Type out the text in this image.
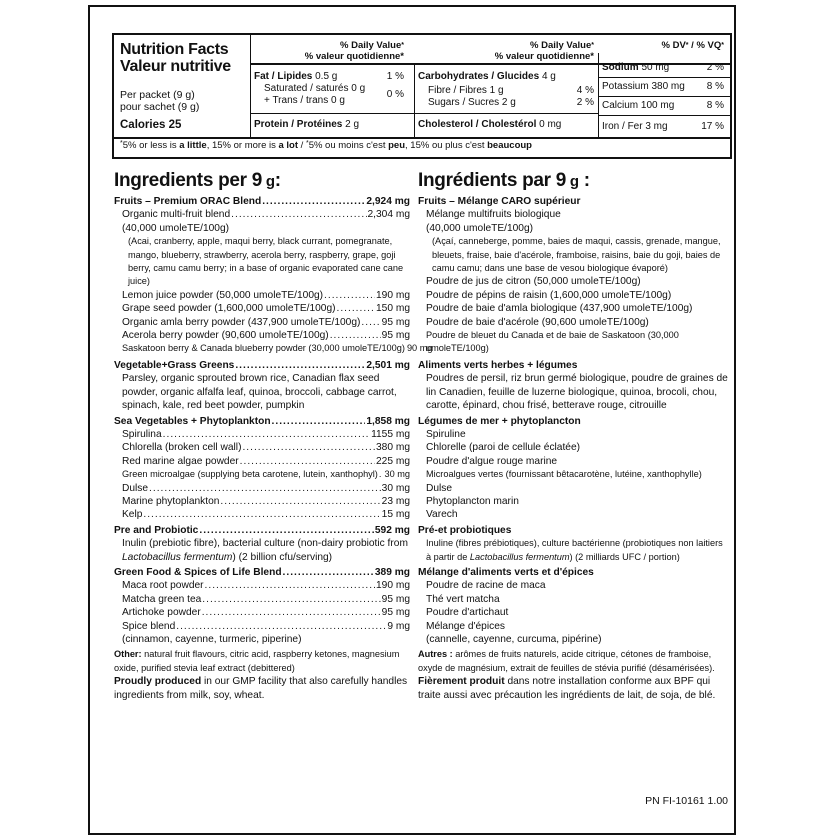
Nutrition Facts
Valeur nutritive
Per packet (9 g)
pour sachet (9 g)
Calories 25
% Daily Value*
% valeur quotidienne*
% Daily Value*
% valeur quotidienne*
% DV* / % VQ*
Fat / Lipides 0.5 g	1 %
Saturated / saturés 0 g
+ Trans / trans 0 g
0 %
Protein / Protéines 2 g
Carbohydrates / Glucides 4 g
Fibre / Fibres 1 g	4 %
Sugars / Sucres 2 g	2 %
Cholesterol / Cholestérol 0 mg
Sodium 50 mg	2 %
Potassium 380 mg	8 %
Calcium 100 mg	8 %
Iron / Fer 3 mg	17 %
*5% or less is a little, 15% or more is a lot / *5% ou moins c'est peu, 15% ou plus c'est beaucoup
Ingredients per 9 g:
Fruits – Premium ORAC Blend .....	2,924 mg
Organic multi-fruit blend .....	2,304 mg
(40,000 umoleTE/100g)
(Acai, cranberry, apple, maqui berry, black currant, pomegranate, mango, blueberry, strawberry, acerola berry, raspberry, grape, goji berry, camu camu berry; in a base of organic evaporated cane cane juice)
Lemon juice powder (50,000 umoleTE/100g) .....	190 mg
Grape seed powder (1,600,000 umoleTE/100g) .....	150 mg
Organic amla berry powder (437,900 umoleTE/100g) ..... 95 mg
Acerola berry powder (90,600 umoleTE/100g) .....	95 mg
Saskatoon berry & Canada blueberry powder (30,000 umoleTE/100g) 90 mg
Vegetable+Grass Greens .....	2,501 mg
Parsley, organic sprouted brown rice, Canadian flax seed powder, organic alfalfa leaf, quinoa, broccoli, cabbage carrot, spinach, kale, red beet powder, pumpkin
Sea Vegetables + Phytoplankton .....	1,858 mg
Spirulina .....	1155 mg
Chlorella (broken cell wall) .....	380 mg
Red marine algae powder .....	225 mg
Green microalgae (supplying beta carotene, lutein, xanthophyl) ..... 30 mg
Dulse .....	30 mg
Marine phytoplankton .....	23 mg
Kelp .....	15 mg
Pre and Probiotic .....	592 mg
Inulin (prebiotic fibre), bacterial culture (non-dairy probiotic from Lactobacillus fermentum) (2 billion cfu/serving)
Green Food & Spices of Life Blend .....	389 mg
Maca root powder .....	190 mg
Matcha green tea .....	95 mg
Artichoke powder .....	95 mg
Spice blend .....	9 mg
(cinnamon, cayenne, turmeric, piperine)
Other: natural fruit flavours, citric acid, raspberry ketones, magnesium oxide, purified stevia leaf extract (debittered)
Proudly produced in our GMP facility that also carefully handles ingredients from milk, soy, wheat.
Ingrédients par 9 g :
Fruits – Mélange CARO supérieur
Mélange multifruits biologique
(40,000 umoleTE/100g)
(Açaí, canneberge, pomme, baies de maqui, cassis, grenade, mangue, bleuets, fraise, baie d'acérole, framboise, raisins, baie du goji, baies de camu camu; dans une base de vesou biologique évaporé)
Poudre de jus de citron (50,000 umoleTE/100g)
Poudre de pépins de raisin (1,600,000 umoleTE/100g)
Poudre de baie d'amla biologique (437,900 umoleTE/100g)
Poudre de baie d'acérole (90,600 umoleTE/100g)
Poudre de bleuet du Canada et de baie de Saskatoon (30,000 umoleTE/100g)
Aliments verts herbes + légumes
Poudres de persil, riz brun germé biologique, poudre de graines de lin Canadien, feuille de luzerne biologique, quinoa, brocoli, chou, carotte, épinard, chou frisé, betterave rouge, citrouille
Légumes de mer + phytoplancton
Spiruline
Chlorelle (paroi de cellule éclatée)
Poudre d'algue rouge marine
Microalgues vertes (fournissant bêtacarotène, lutéine, xanthophylle)
Dulse
Phytoplancton marin
Varech
Pré-et probiotiques
Inuline (fibres prébiotiques), culture bactérienne (probiotiques non laitiers à partir de Lactobacillus fermentum) (2 milliards UFC / portion)
Mélange d'aliments verts et d'épices
Poudre de racine de maca
Thé vert matcha
Poudre d'artichaut
Mélange d'épices
(cannelle, cayenne, curcuma, pipérine)
Autres : arômes de fruits naturels, acide citrique, cétones de framboise, oxyde de magnésium, extrait de feuilles de stévia purifié (désamérisées).
Fièrement produit dans notre installation conforme aux BPF qui traite aussi avec précaution les ingrédients de lait, de soja, de blé.
PN FI-10161 1.00
